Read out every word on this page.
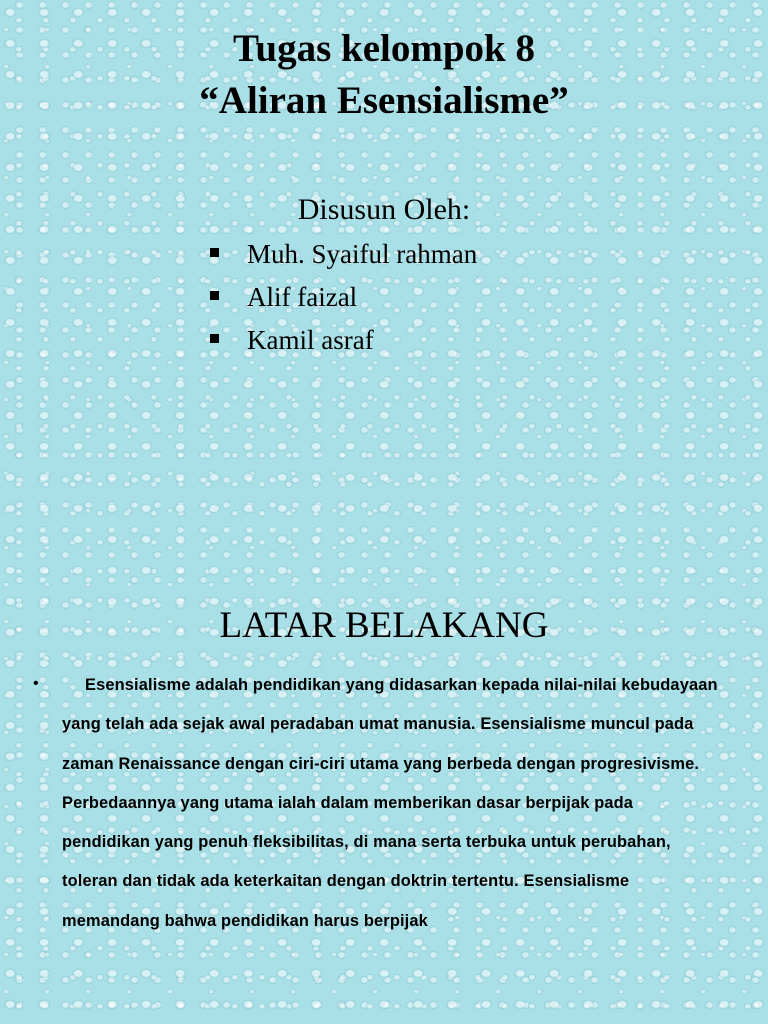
Tugas kelompok 8
“Aliran Esensialisme”
Disusun Oleh:
Muh. Syaiful rahman
Alif faizal
Kamil asraf
LATAR BELAKANG
•	Esensialisme adalah pendidikan yang didasarkan kepada nilai-nilai kebudayaan yang telah ada sejak awal peradaban umat manusia. Esensialisme muncul pada zaman Renaissance dengan ciri-ciri utama yang berbeda dengan progresivisme. Perbedaannya yang utama ialah dalam memberikan dasar berpijak pada pendidikan yang penuh fleksibilitas, di mana serta terbuka untuk perubahan, toleran dan tidak ada keterkaitan dengan doktrin tertentu. Esensialisme memandang bahwa pendidikan harus berpijak
